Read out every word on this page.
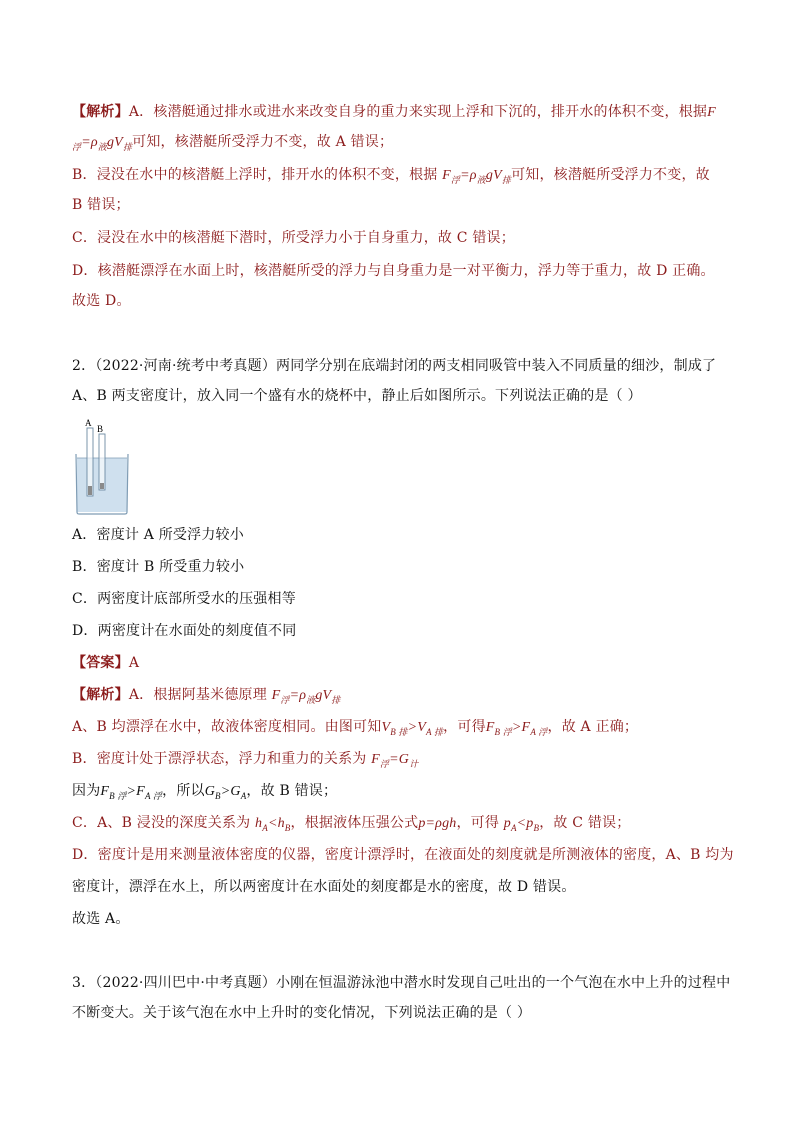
【解析】A．核潜艇通过排水或进水来改变自身的重力来实现上浮和下沉的，排开水的体积不变，根据F
$_浮=\rho_液gV_排$可知，核潜艇所受浮力不变，故 A 错误；
B．浸没在水中的核潜艇上浮时，排开水的体积不变，根据 $F_浮=\rho_液gV_排$可知，核潜艇所受浮力不变，故
B 错误；
C．浸没在水中的核潜艇下潜时，所受浮力小于自身重力，故 C 错误；
D．核潜艇漂浮在水面上时，核潜艇所受的浮力与自身重力是一对平衡力，浮力等于重力，故 D 正确。
故选 D。
2．（2022·河南·统考中考真题）两同学分别在底端封闭的两支相同吸管中装入不同质量的细沙，制成了
A、B 两支密度计，放入同一个盛有水的烧杯中，静止后如图所示。下列说法正确的是（ ）
A
B
A．密度计 A 所受浮力较小
B．密度计 B 所受重力较小
C．两密度计底部所受水的压强相等
D．两密度计在水面处的刻度值不同
【答案】A
【解析】A．根据阿基米德原理 $F_浮=\rho_液gV_排$
A、B 均漂浮在水中，故液体密度相同。由图可知$V_{B 排}>V_{A 排}$，可得$F_{B 浮}>F_{A 浮}$，故 A 正确；
B．密度计处于漂浮状态，浮力和重力的关系为 $F_浮=G_计$
因为$F_{B 浮}>F_{A 浮}$，所以$G_B>G_A$，故 B 错误；
C．A、B 浸没的深度关系为 $h_A<h_B$，根据液体压强公式p=ρgh，可得 $p_A<p_B$，故 C 错误；
D．密度计是用来测量液体密度的仪器，密度计漂浮时，在液面处的刻度就是所测液体的密度，A、B 均为
密度计，漂浮在水上，所以两密度计在水面处的刻度都是水的密度，故 D 错误。
故选 A。
3．（2022·四川巴中·中考真题）小刚在恒温游泳池中潜水时发现自己吐出的一个气泡在水中上升的过程中
不断变大。关于该气泡在水中上升时的变化情况，下列说法正确的是（ ）
